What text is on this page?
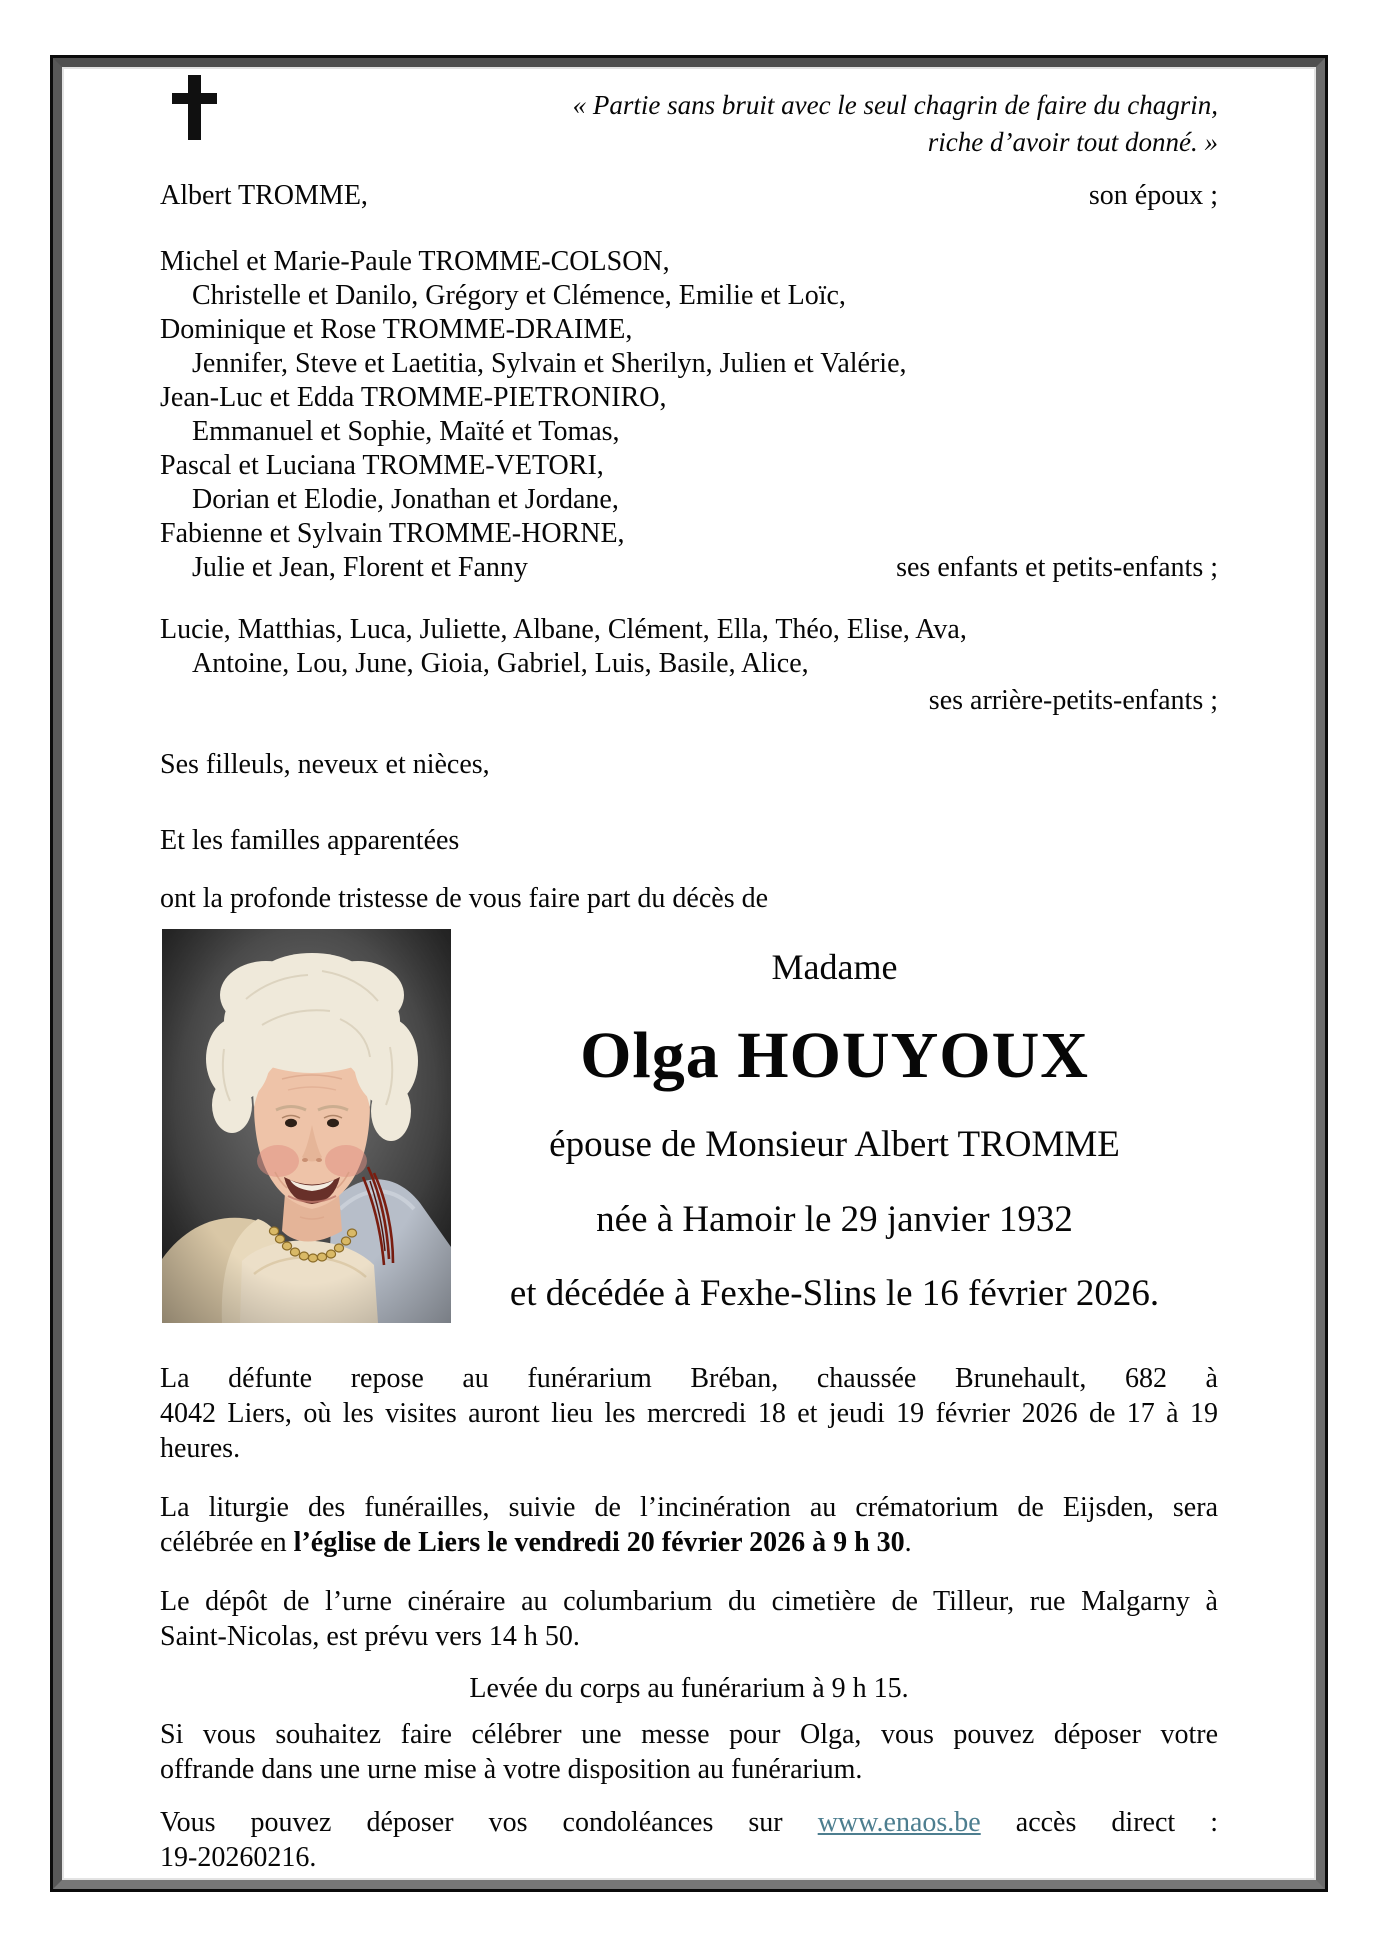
« Partie sans bruit avec le seul chagrin de faire du chagrin,
riche d’avoir tout donné. »
Albert TROMME,	son époux ;
Michel et Marie-Paule TROMME-COLSON,
Christelle et Danilo, Grégory et Clémence, Emilie et Loïc,
Dominique et Rose TROMME-DRAIME,
Jennifer, Steve et Laetitia, Sylvain et Sherilyn, Julien et Valérie,
Jean-Luc et Edda TROMME-PIETRONIRO,
Emmanuel et Sophie, Maïté et Tomas,
Pascal et Luciana TROMME-VETORI,
Dorian et Elodie, Jonathan et Jordane,
Fabienne et Sylvain TROMME-HORNE,
Julie et Jean, Florent et Fanny	ses enfants et petits-enfants ;
Lucie, Matthias, Luca, Juliette, Albane, Clément, Ella, Théo, Elise, Ava,
Antoine, Lou, June, Gioia, Gabriel, Luis, Basile, Alice,
ses arrière-petits-enfants ;
Ses filleuls, neveux et nièces,
Et les familles apparentées
ont la profonde tristesse de vous faire part du décès de
Madame
Olga HOUYOUX
épouse de Monsieur Albert TROMME
née à Hamoir le 29 janvier 1932
et décédée à Fexhe-Slins le 16 février 2026.
La défunte repose au funérarium Bréban, chaussée Brunehault, 682 à
4042 Liers, où les visites auront lieu les mercredi 18 et jeudi 19 février 2026 de 17 à 19
heures.
La liturgie des funérailles, suivie de l’incinération au crématorium de Eijsden, sera
célébrée en l’église de Liers le vendredi 20 février 2026 à 9 h 30.
Le dépôt de l’urne cinéraire au columbarium du cimetière de Tilleur, rue Malgarny à
Saint-Nicolas, est prévu vers 14 h 50.
Levée du corps au funérarium à 9 h 15.
Si vous souhaitez faire célébrer une messe pour Olga, vous pouvez déposer votre
offrande dans une urne mise à votre disposition au funérarium.
Vous pouvez déposer vos condoléances sur www.enaos.be accès direct :
19-20260216.
